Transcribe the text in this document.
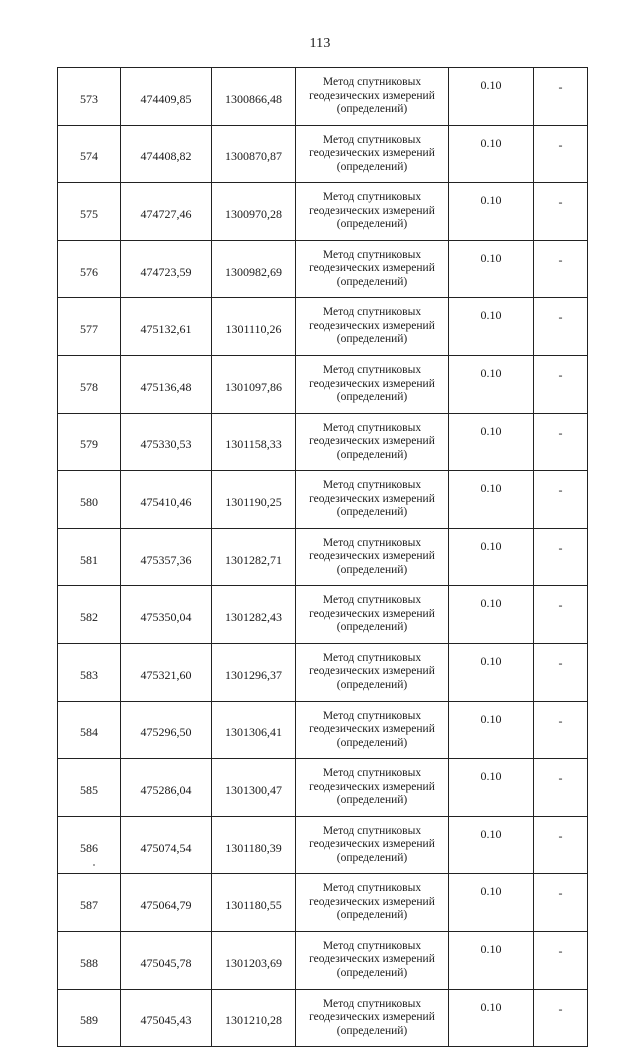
113
573	474409,85	1300866,48	Метод спутниковых
геодезических измерений
(определений)	0.10	-
574	474408,82	1300870,87	Метод спутниковых
геодезических измерений
(определений)	0.10	-
575	474727,46	1300970,28	Метод спутниковых
геодезических измерений
(определений)	0.10	-
576	474723,59	1300982,69	Метод спутниковых
геодезических измерений
(определений)	0.10	-
577	475132,61	1301110,26	Метод спутниковых
геодезических измерений
(определений)	0.10	-
578	475136,48	1301097,86	Метод спутниковых
геодезических измерений
(определений)	0.10	-
579	475330,53	1301158,33	Метод спутниковых
геодезических измерений
(определений)	0.10	-
580	475410,46	1301190,25	Метод спутниковых
геодезических измерений
(определений)	0.10	-
581	475357,36	1301282,71	Метод спутниковых
геодезических измерений
(определений)	0.10	-
582	475350,04	1301282,43	Метод спутниковых
геодезических измерений
(определений)	0.10	-
583	475321,60	1301296,37	Метод спутниковых
геодезических измерений
(определений)	0.10	-
584	475296,50	1301306,41	Метод спутниковых
геодезических измерений
(определений)	0.10	-
585	475286,04	1301300,47	Метод спутниковых
геодезических измерений
(определений)	0.10	-
586	475074,54	1301180,39	Метод спутниковых
геодезических измерений
(определений)	0.10	-
587	475064,79	1301180,55	Метод спутниковых
геодезических измерений
(определений)	0.10	-
588	475045,78	1301203,69	Метод спутниковых
геодезических измерений
(определений)	0.10	-
589	475045,43	1301210,28	Метод спутниковых
геодезических измерений
(определений)	0.10	-
